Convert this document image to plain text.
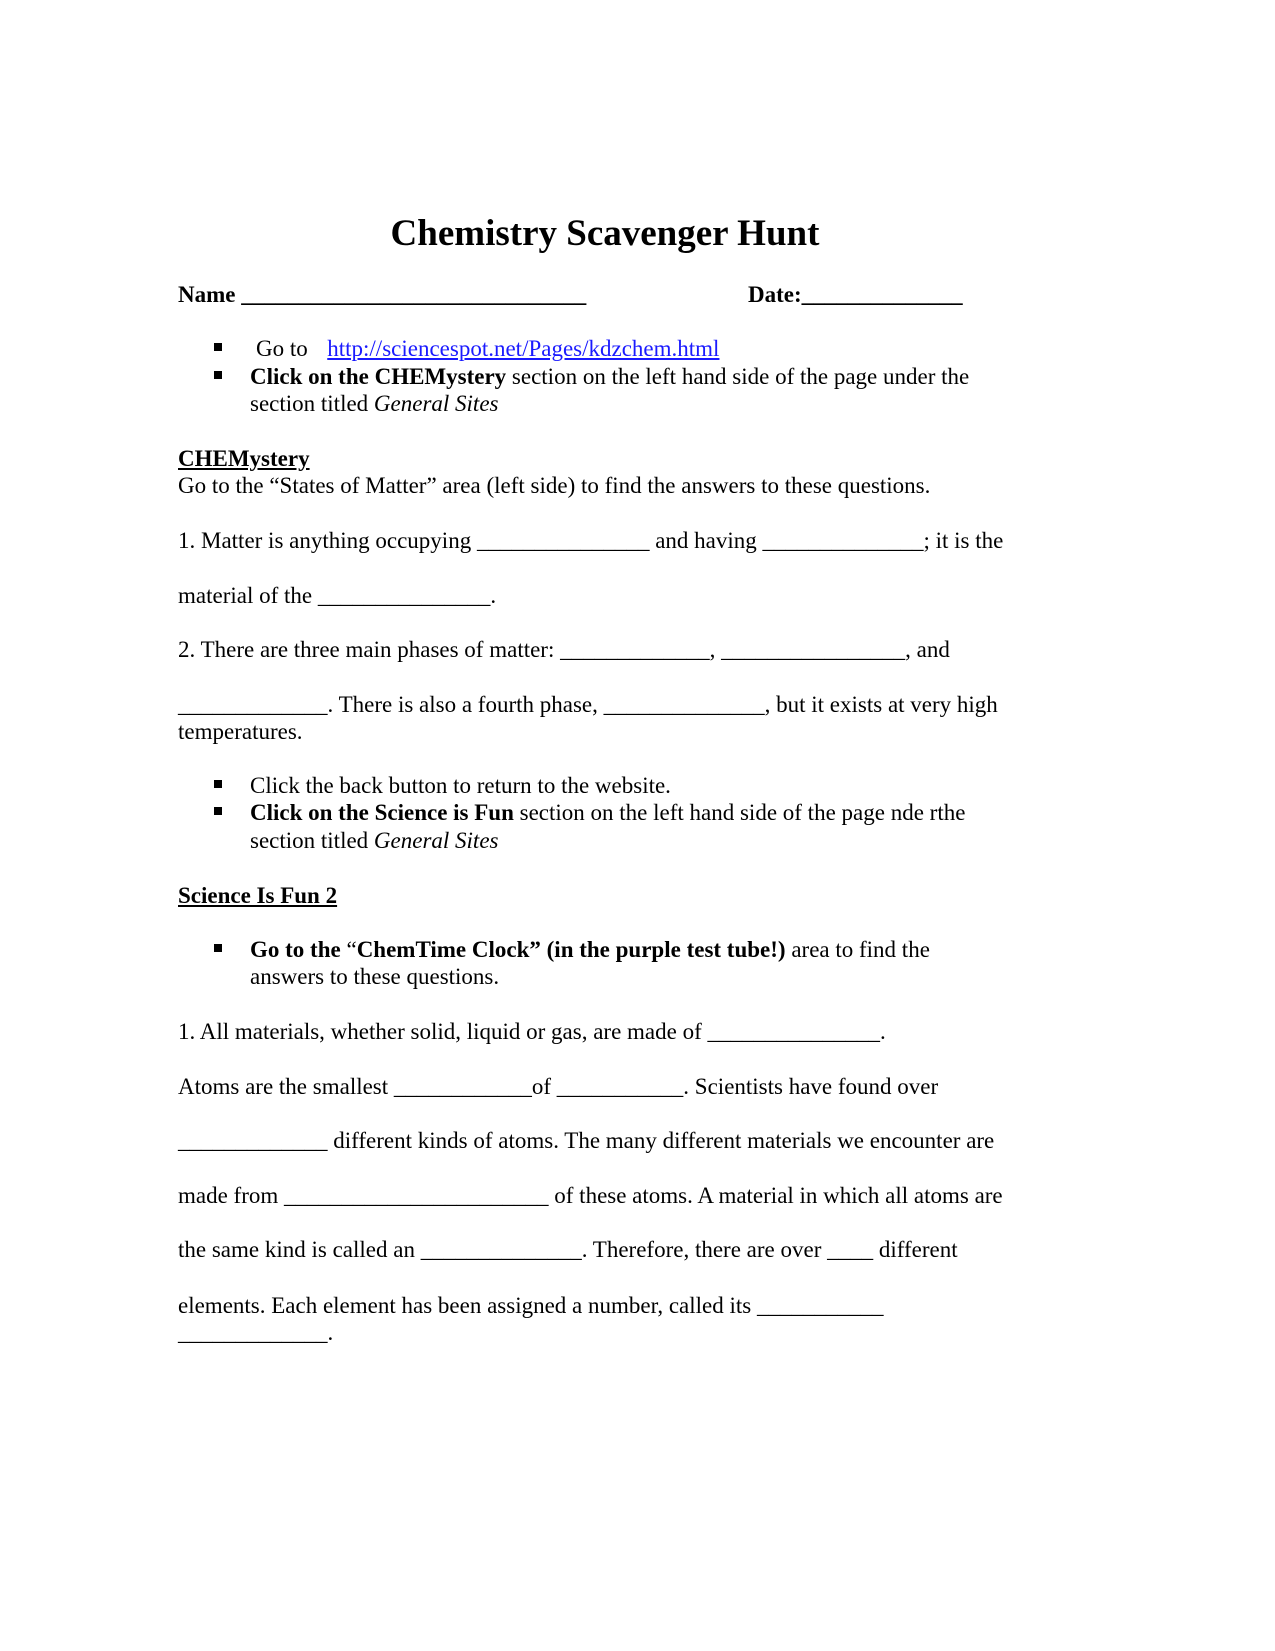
Chemistry Scavenger Hunt
Name ______________________________	Date:______________
Go to http://sciencespot.net/Pages/kdzchem.html
Click on the CHEMystery section on the left hand side of the page under the
section titled General Sites
CHEMystery
Go to the “States of Matter” area (left side) to find the answers to these questions.
1. Matter is anything occupying _______________ and having ______________; it is the
material of the _______________.
2. There are three main phases of matter: _____________, ________________, and
_____________. There is also a fourth phase, ______________, but it exists at very high
temperatures.
Click the back button to return to the website.
Click on the Science is Fun section on the left hand side of the page nde rthe
section titled General Sites
Science Is Fun 2
Go to the “ChemTime Clock” (in the purple test tube!) area to find the
answers to these questions.
1. All materials, whether solid, liquid or gas, are made of _______________.
Atoms are the smallest ____________of ___________. Scientists have found over
_____________ different kinds of atoms. The many different materials we encounter are
made from _______________________ of these atoms. A material in which all atoms are
the same kind is called an ______________. Therefore, there are over ____ different
elements. Each element has been assigned a number, called its ___________
_____________.
